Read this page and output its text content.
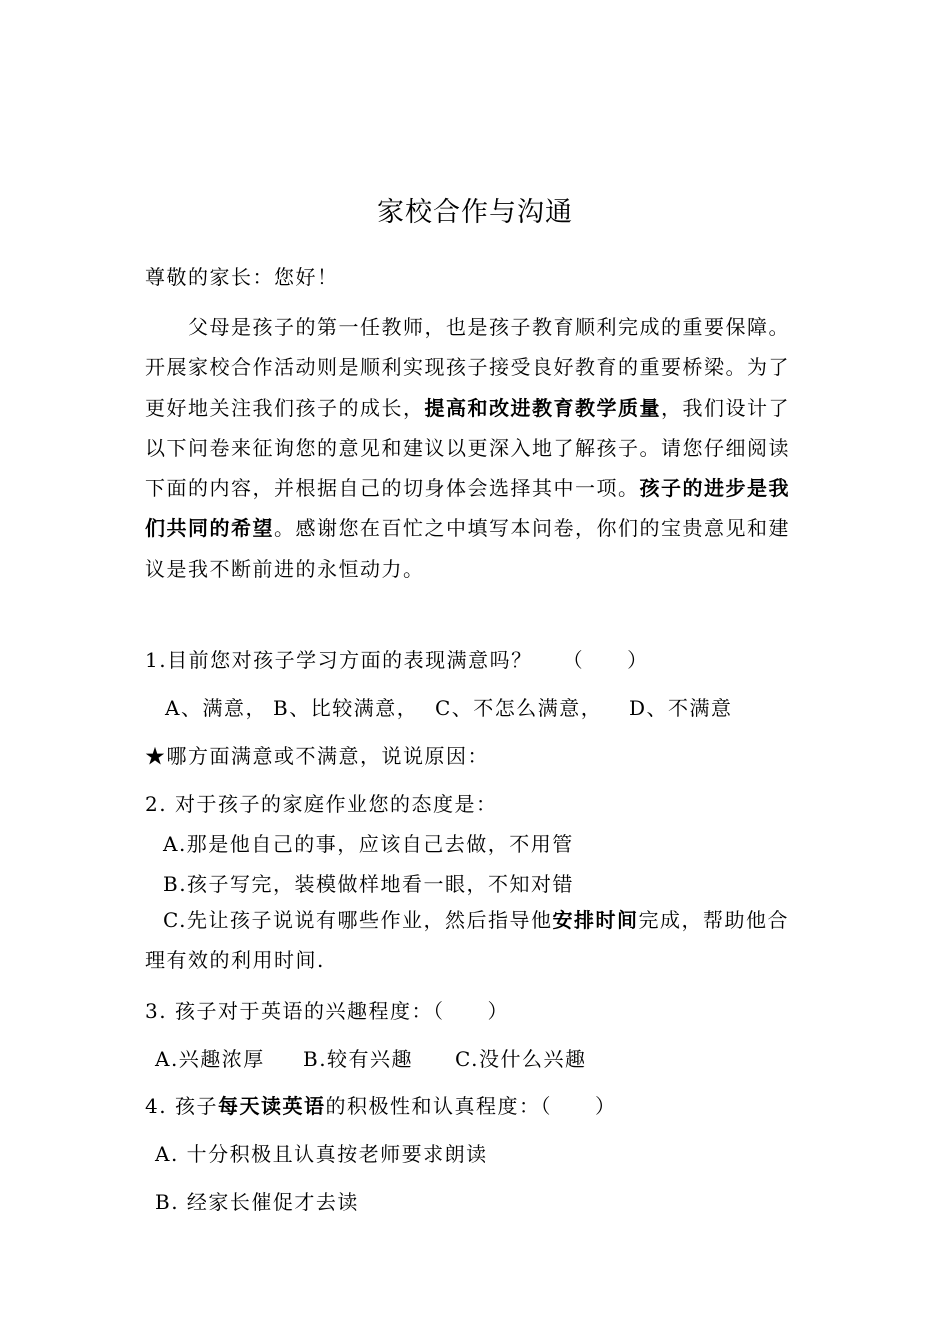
家校合作与沟通
尊敬的家长：您好！
父母是孩子的第一任教师，也是孩子教育顺利完成的重要保障。开展家校合作活动则是顺利实现孩子接受良好教育的重要桥梁。为了更好地关注我们孩子的成长，提高和改进教育教学质量，我们设计了以下问卷来征询您的意见和建议以更深入地了解孩子。请您仔细阅读下面的内容，并根据自己的切身体会选择其中一项。孩子的进步是我们共同的希望。感谢您在百忙之中填写本问卷，你们的宝贵意见和建议是我不断前进的永恒动力。
1.目前您对孩子学习方面的表现满意吗？ （　　）
A、满意， B、比较满意， C、不怎么满意， D、不满意
★哪方面满意或不满意，说说原因：
2. 对于孩子的家庭作业您的态度是：
A.那是他自己的事，应该自己去做，不用管
B.孩子写完，装模做样地看一眼，不知对错
C.先让孩子说说有哪些作业，然后指导他安排时间完成，帮助他合理有效的利用时间.
3. 孩子对于英语的兴趣程度：（　　）
A.兴趣浓厚 B.较有兴趣 C.没什么兴趣
4. 孩子每天读英语的积极性和认真程度：（　　）
A. 十分积极且认真按老师要求朗读
B. 经家长催促才去读
